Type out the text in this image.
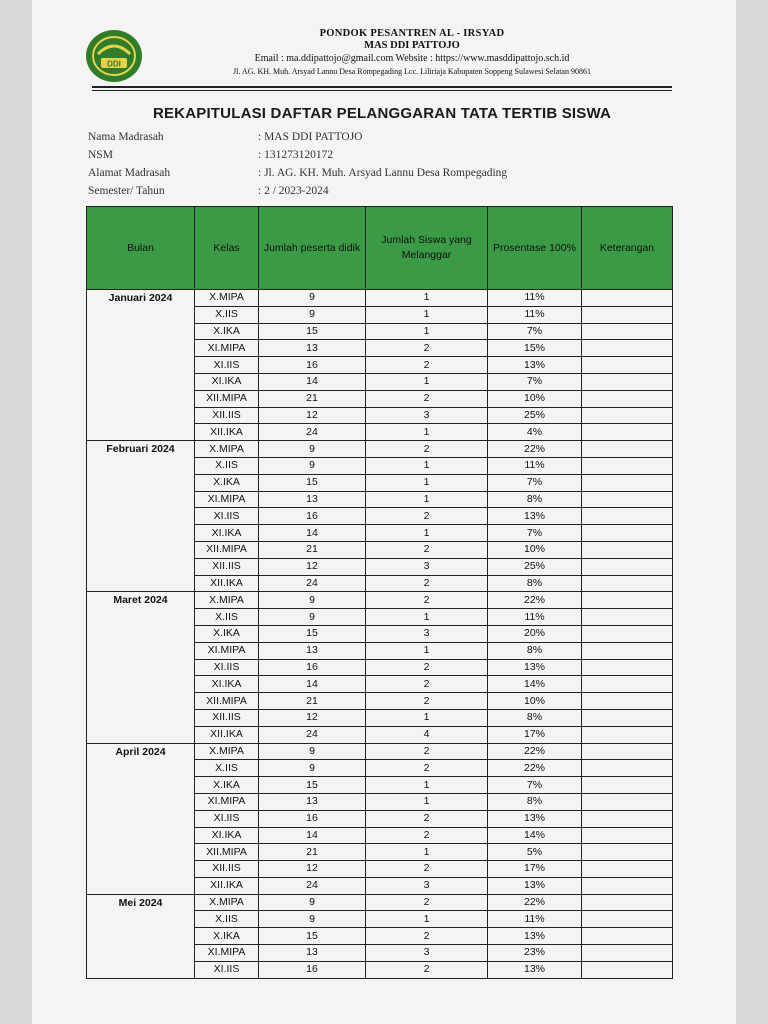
DDI
PONDOK PESANTREN AL - IRSYAD
MAS DDI PATTOJO
Email : ma.ddipattojo@gmail.com Website : https://www.masddipattojo.sch.id
Jl. AG. KH. Muh. Arsyad Lannu Desa Rompegading Lcc. Liliriaja Kabupaten Soppeng Sulawesi Selatan 90861
REKAPITULASI DAFTAR PELANGGARAN TATA TERTIB SISWA
Nama Madrasah	: MAS DDI PATTOJO
NSM	: 131273120172
Alamat Madrasah	: Jl. AG. KH. Muh. Arsyad Lannu Desa Rompegading
Semester/ Tahun	: 2 / 2023-2024
Bulan	Kelas	Jumlah peserta didik	Jumlah Siswa yang Melanggar	Prosentase 100%	Keterangan
Januari 2024	X.MIPA	9	1	11%	
	X.IIS	9	1	11%	
	X.IKA	15	1	7%	
	XI.MIPA	13	2	15%	
	XI.IIS	16	2	13%	
	XI.IKA	14	1	7%	
	XII.MIPA	21	2	10%	
	XII.IIS	12	3	25%	
	XII.IKA	24	1	4%	
Februari 2024	X.MIPA	9	2	22%	
	X.IIS	9	1	11%	
	X.IKA	15	1	7%	
	XI.MIPA	13	1	8%	
	XI.IIS	16	2	13%	
	XI.IKA	14	1	7%	
	XII.MIPA	21	2	10%	
	XII.IIS	12	3	25%	
	XII.IKA	24	2	8%	
Maret 2024	X.MIPA	9	2	22%	
	X.IIS	9	1	11%	
	X.IKA	15	3	20%	
	XI.MIPA	13	1	8%	
	XI.IIS	16	2	13%	
	XI.IKA	14	2	14%	
	XII.MIPA	21	2	10%	
	XII.IIS	12	1	8%	
	XII.IKA	24	4	17%	
April 2024	X.MIPA	9	2	22%	
	X.IIS	9	2	22%	
	X.IKA	15	1	7%	
	XI.MIPA	13	1	8%	
	XI.IIS	16	2	13%	
	XI.IKA	14	2	14%	
	XII.MIPA	21	1	5%	
	XII.IIS	12	2	17%	
	XII.IKA	24	3	13%	
Mei 2024	X.MIPA	9	2	22%	
	X.IIS	9	1	11%	
	X.IKA	15	2	13%	
	XI.MIPA	13	3	23%	
	XI.IIS	16	2	13%	
